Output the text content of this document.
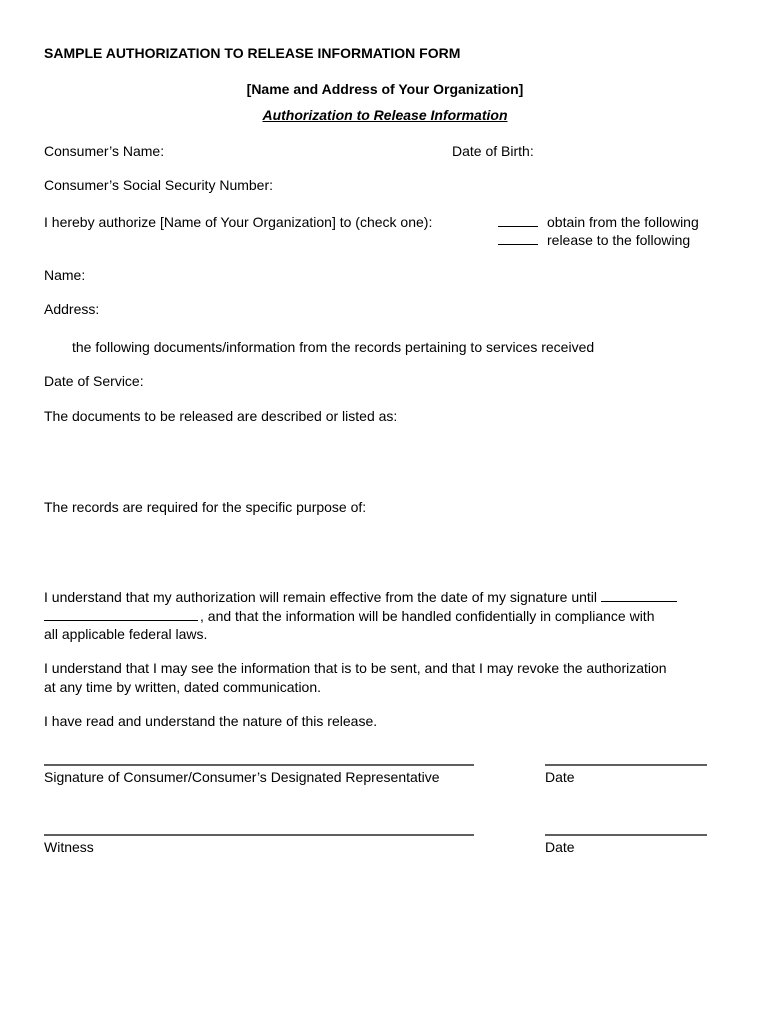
SAMPLE AUTHORIZATION TO RELEASE INFORMATION FORM
[Name and Address of Your Organization]
Authorization to Release Information
Consumer’s Name:	Date of Birth:
Consumer’s Social Security Number:
I hereby authorize [Name of Your Organization] to (check one):	obtain from the following
release to the following
Name:
Address:
the following documents/information from the records pertaining to services received
Date of Service:
The documents to be released are described or listed as:
The records are required for the specific purpose of:
I understand that my authorization will remain effective from the date of my signature until
, and that the information will be handled confidentially in compliance with
all applicable federal laws.
I understand that I may see the information that is to be sent, and that I may revoke the authorization
at any time by written, dated communication.
I have read and understand the nature of this release.
Signature of Consumer/Consumer’s Designated Representative	Date
Witness	Date
